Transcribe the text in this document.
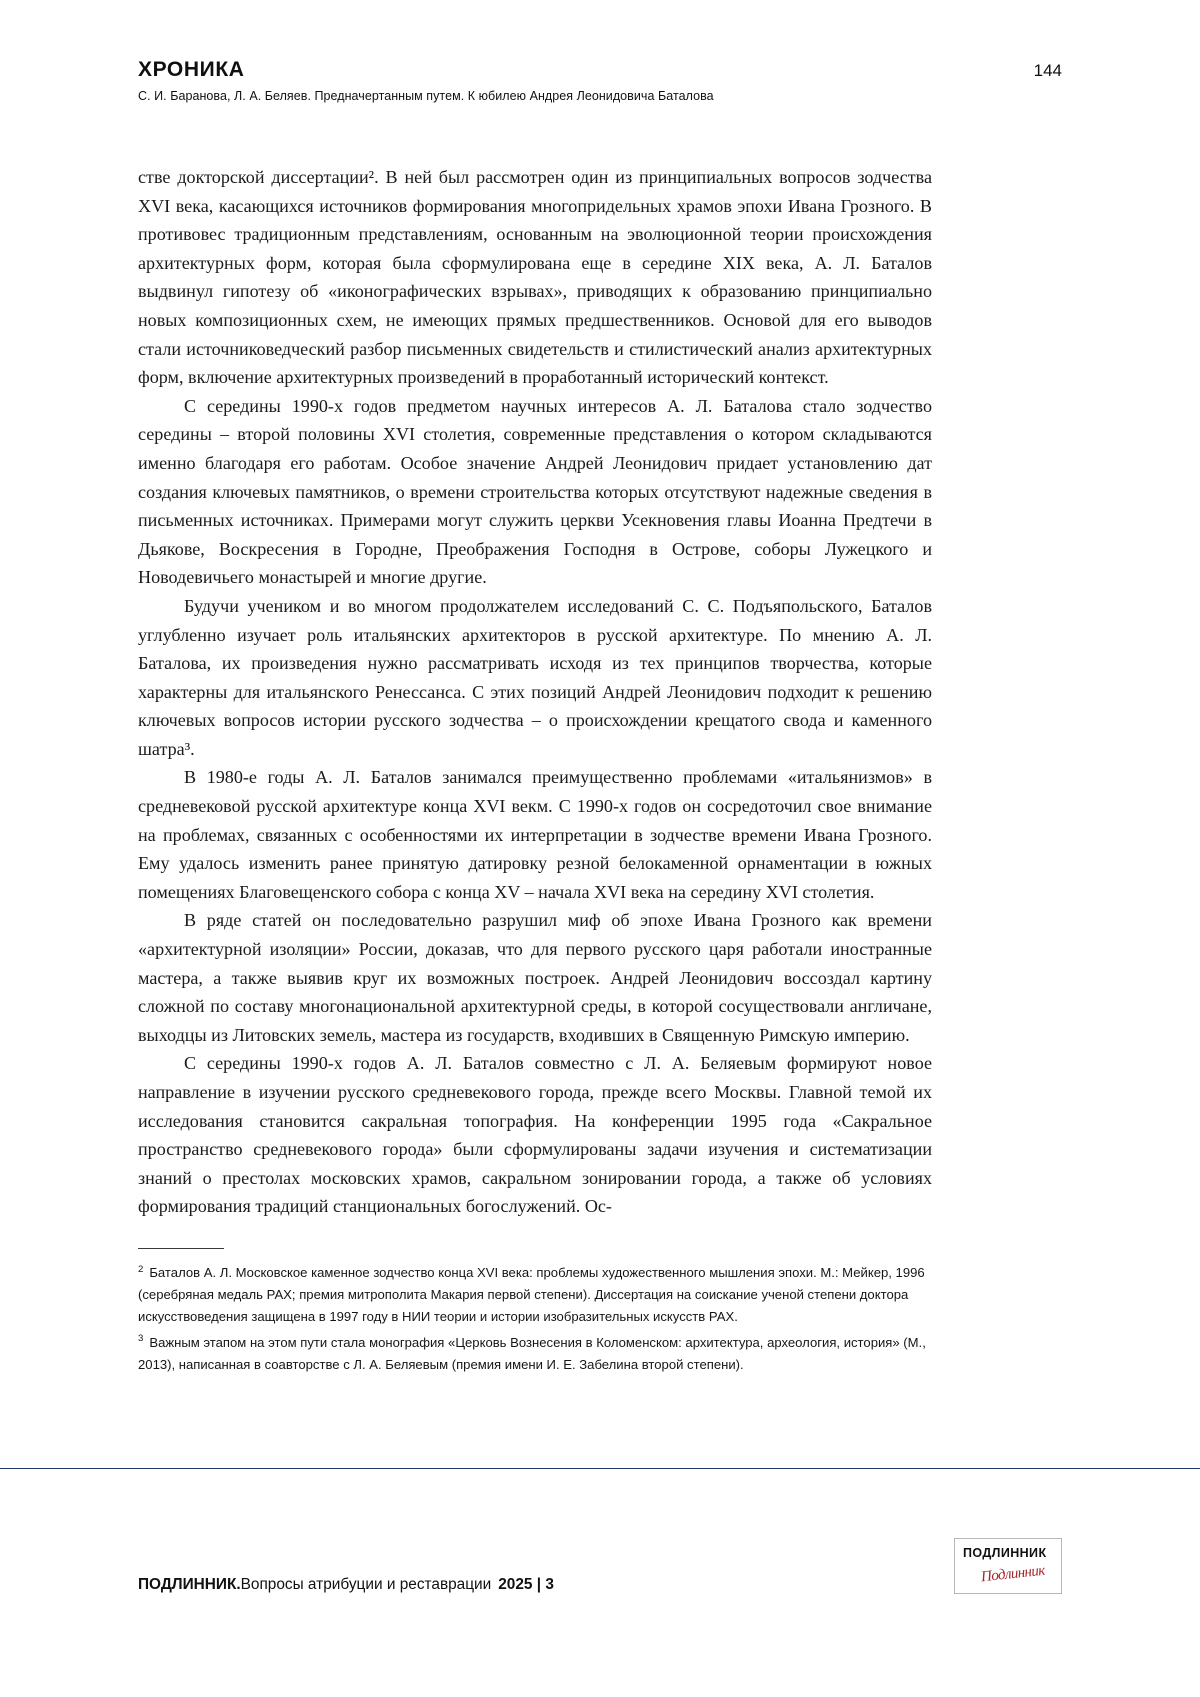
ХРОНИКА	144
С. И. Баранова, Л. А. Беляев. Предначертанным путем. К юбилею Андрея Леонидовича Баталова

стве докторской диссертации². В ней был рассмотрен один из принципиальных вопросов зодчества XVI века, касающихся источников формирования многопридельных храмов эпохи Ивана Грозного. В противовес традиционным представлениям, основанным на эволюционной теории происхождения архитектурных форм, которая была сформулирована еще в середине XIX века, А. Л. Баталов выдвинул гипотезу об «иконографических взрывах», приводящих к образованию принципиально новых композиционных схем, не имеющих прямых предшественников. Основой для его выводов стали источниковедческий разбор письменных свидетельств и стилистический анализ архитектурных форм, включение архитектурных произведений в проработанный исторический контекст.

С середины 1990-х годов предметом научных интересов А. Л. Баталова стало зодчество середины – второй половины XVI столетия, современные представления о котором складываются именно благодаря его работам. Особое значение Андрей Леонидович придает установлению дат создания ключевых памятников, о времени строительства которых отсутствуют надежные сведения в письменных источниках. Примерами могут служить церкви Усекновения главы Иоанна Предтечи в Дьякове, Воскресения в Городне, Преображения Господня в Острове, соборы Лужецкого и Новодевичьего монастырей и многие другие.

Будучи учеником и во многом продолжателем исследований С. С. Подъяпольского, Баталов углубленно изучает роль итальянских архитекторов в русской архитектуре. По мнению А. Л. Баталова, их произведения нужно рассматривать исходя из тех принципов творчества, которые характерны для итальянского Ренессанса. С этих позиций Андрей Леонидович подходит к решению ключевых вопросов истории русского зодчества – о происхождении крещатого свода и каменного шатра³.

В 1980-е годы А. Л. Баталов занимался преимущественно проблемами «итальянизмов» в средневековой русской архитектуре конца XVI векм. С 1990-х годов он сосредоточил свое внимание на проблемах, связанных с особенностями их интерпретации в зодчестве времени Ивана Грозного. Ему удалось изменить ранее принятую датировку резной белокаменной орнаментации в южных помещениях Благовещенского собора с конца XV – начала XVI века на середину XVI столетия.

В ряде статей он последовательно разрушил миф об эпохе Ивана Грозного как времени «архитектурной изоляции» России, доказав, что для первого русского царя работали иностранные мастера, а также выявив круг их возможных построек. Андрей Леонидович воссоздал картину сложной по составу многонациональной архитектурной среды, в которой сосуществовали англичане, выходцы из Литовских земель, мастера из государств, входивших в Священную Римскую империю.

С середины 1990-х годов А. Л. Баталов совместно с Л. А. Беляевым формируют новое направление в изучении русского средневекового города, прежде всего Москвы. Главной темой их исследования становится сакральная топография. На конференции 1995 года «Сакральное пространство средневекового города» были сформулированы задачи изучения и систематизации знаний о престолах московских храмов, сакральном зонировании города, а также об условиях формирования традиций станциональных богослужений. Ос-

$^2$ Баталов А. Л. Московское каменное зодчество конца XVI века: проблемы художественного мышления эпохи. М.: Мейкер, 1996 (серебряная медаль РАХ; премия митрополита Макария первой степени). Диссертация на соискание ученой степени доктора искусствоведения защищена в 1997 году в НИИ теории и истории изобразительных искусств РАХ.

$^3$ Важным этапом на этом пути стала монография «Церковь Вознесения в Коломенском: архитектура, археология, история» (М., 2013), написанная в соавторстве с Л. А. Беляевым (премия имени И. Е. Забелина второй степени).

ПОДЛИННИК.Вопросы атрибуции и реставрации 2025 | 3
ПОДЛИННИК
Подлинник
